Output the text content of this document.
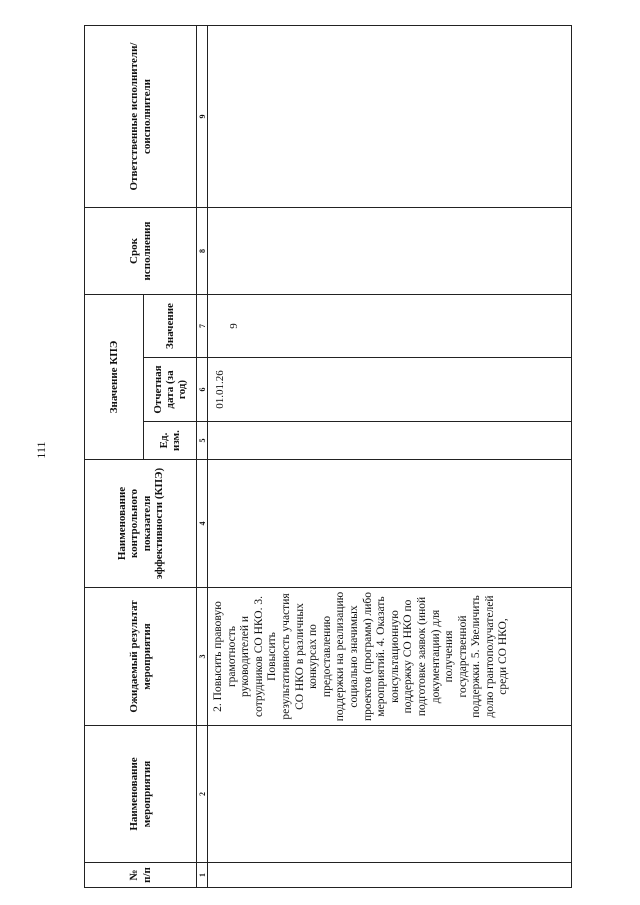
111
№ п/п	Наименование мероприятия	Ожидаемый результат мероприятия	Наименование контрольного показателя эффективности (КПЭ)	Значение КПЭ			Срок исполнения	Ответственные исполнители/ соисполнители
				Ед. изм.	Отчетная дата (за год)	Значение		
1	2	3	4	5	6	7	8	9
		2. Повысить правовую грамотность руководителей и сотрудников СО НКО. 3. Повысить результативность участия СО НКО в различных конкурсах по предоставлению поддержки на реализацию социально значимых проектов (программ) либо мероприятий. 4. Оказать консультационную поддержку СО НКО по подготовке заявок (иной документации) для получения государственной поддержки. 5. Увеличить долю грантополучателей среди СО НКО,			01.01.26	9		
